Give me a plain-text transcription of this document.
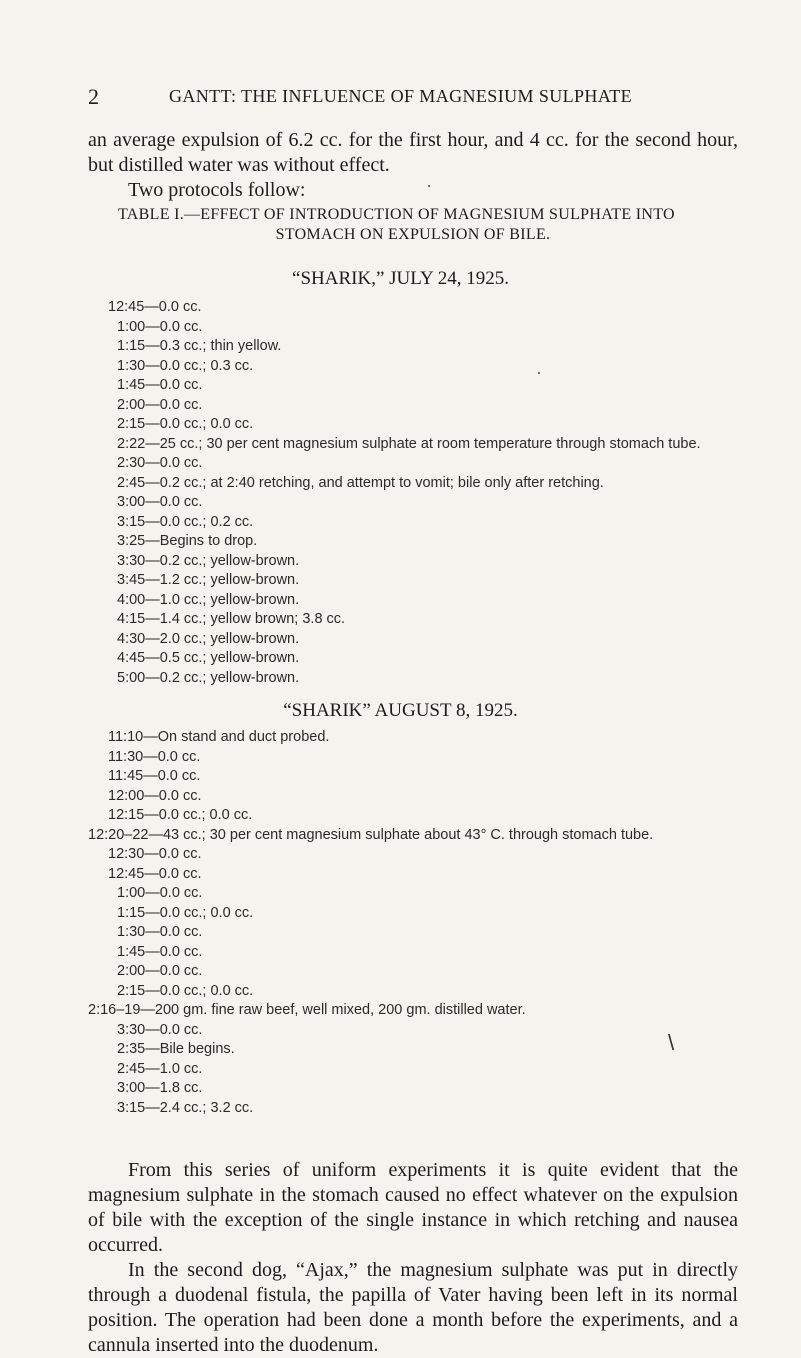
2	GANTT: THE INFLUENCE OF MAGNESIUM SULPHATE

an average expulsion of 6.2 cc. for the first hour, and 4 cc. for the second hour, but distilled water was without effect.

Two protocols follow:

TABLE I.—EFFECT OF INTRODUCTION OF MAGNESIUM SULPHATE INTO
STOMACH ON EXPULSION OF BILE.
“SHARIK,” JULY 24, 1925.
12:45—0.0 cc.
1:00—0.0 cc.
1:15—0.3 cc.; thin yellow.
1:30—0.0 cc.; 0.3 cc.
1:45—0.0 cc.
2:00—0.0 cc.
2:15—0.0 cc.; 0.0 cc.
2:22—25 cc.; 30 per cent magnesium sulphate at room temperature through stomach tube.
2:30—0.0 cc.
2:45—0.2 cc.; at 2:40 retching, and attempt to vomit; bile only after retching.
3:00—0.0 cc.
3:15—0.0 cc.; 0.2 cc.
3:25—Begins to drop.
3:30—0.2 cc.; yellow-brown.
3:45—1.2 cc.; yellow-brown.
4:00—1.0 cc.; yellow-brown.
4:15—1.4 cc.; yellow brown; 3.8 cc.
4:30—2.0 cc.; yellow-brown.
4:45—0.5 cc.; yellow-brown.
5:00—0.2 cc.; yellow-brown.
“SHARIK” AUGUST 8, 1925.
11:10—On stand and duct probed.
11:30—0.0 cc.
11:45—0.0 cc.
12:00—0.0 cc.
12:15—0.0 cc.; 0.0 cc.
12:20–22—43 cc.; 30 per cent magnesium sulphate about 43° C. through stomach tube.
12:30—0.0 cc.
12:45—0.0 cc.
1:00—0.0 cc.
1:15—0.0 cc.; 0.0 cc.
1:30—0.0 cc.
1:45—0.0 cc.
2:00—0.0 cc.
2:15—0.0 cc.; 0.0 cc.
2:16–19—200 gm. fine raw beef, well mixed, 200 gm. distilled water.
3:30—0.0 cc.
2:35—Bile begins.
2:45—1.0 cc.
3:00—1.8 cc.
3:15—2.4 cc.; 3.2 cc.
\

From this series of uniform experiments it is quite evident that the magnesium sulphate in the stomach caused no effect whatever on the expulsion of bile with the exception of the single instance in which retching and nausea occurred.

In the second dog, “Ajax,” the magnesium sulphate was put in directly through a duodenal fistula, the papilla of Vater having been left in its normal position. The operation had been done a month before the experiments, and a cannula inserted into the duodenum.
